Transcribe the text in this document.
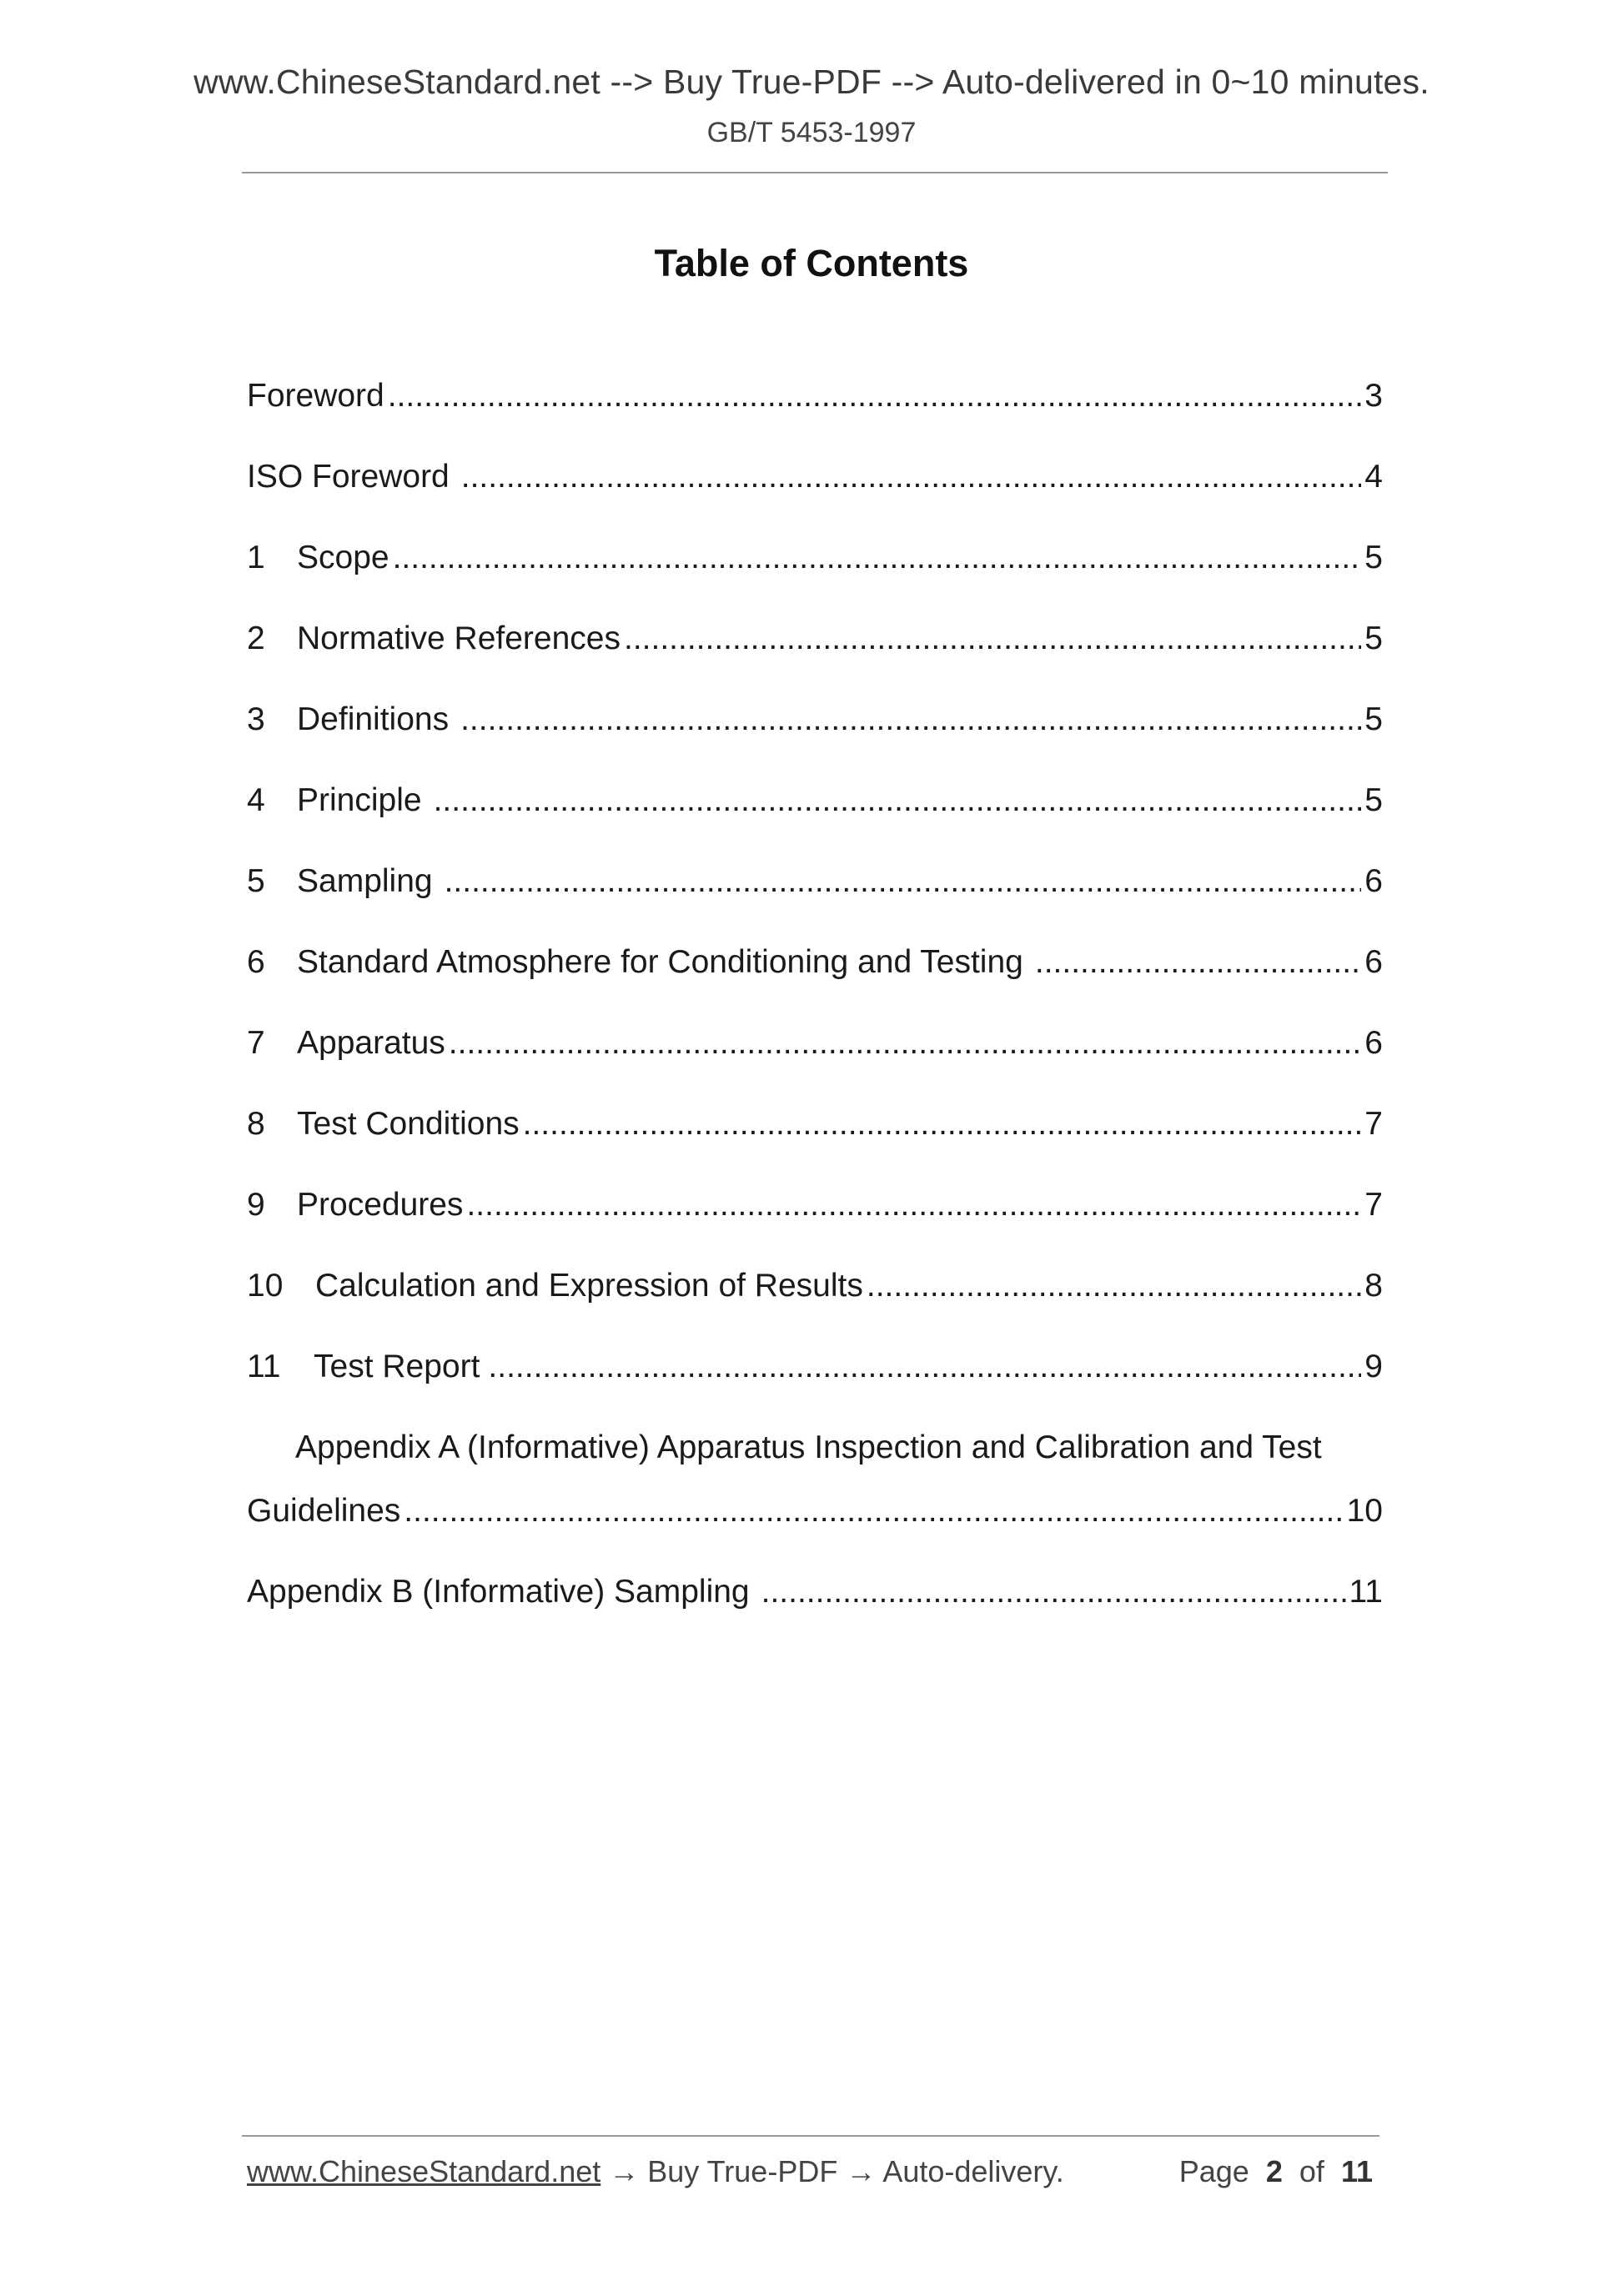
www.ChineseStandard.net --> Buy True-PDF --> Auto-delivered in 0~10 minutes.
GB/T 5453-1997
Table of Contents
Foreword .....	3
ISO Foreword .....	4
1 Scope .....	5
2 Normative References .....	5
3 Definitions .....	5
4 Principle .....	5
5 Sampling .....	6
6 Standard Atmosphere for Conditioning and Testing .....	6
7 Apparatus .....	6
8 Test Conditions .....	7
9 Procedures .....	7
10 Calculation and Expression of Results .....	8
11	Test Report .....	9
Appendix A (Informative) Apparatus Inspection and Calibration and Test
Guidelines .....	10
Appendix B (Informative) Sampling .....	11
www.ChineseStandard.net → Buy True-PDF → Auto-delivery.	Page 2 of 11
